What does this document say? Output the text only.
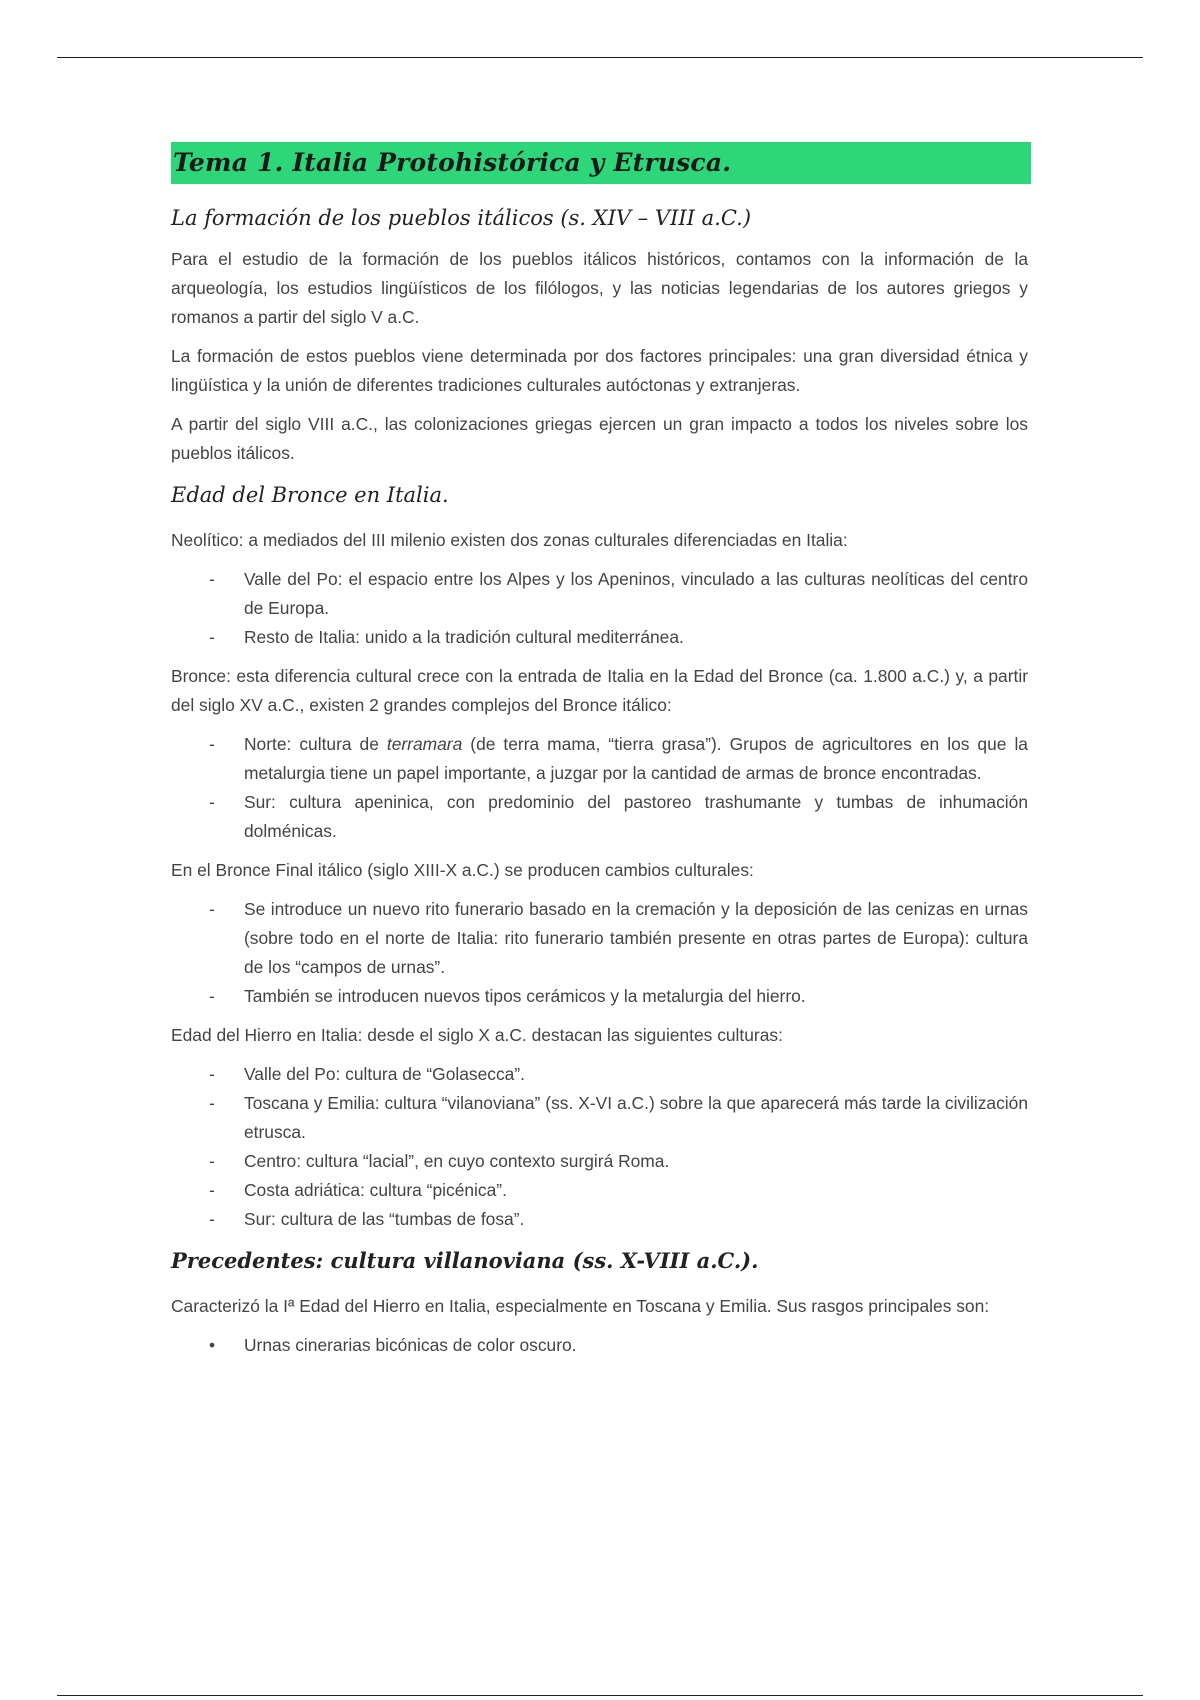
Tema 1. Italia Protohistórica y Etrusca.
La formación de los pueblos itálicos (s. XIV – VIII a.C.)

Para el estudio de la formación de los pueblos itálicos históricos, contamos con la información de la arqueología, los estudios lingüísticos de los filólogos, y las noticias legendarias de los autores griegos y romanos a partir del siglo V a.C.

La formación de estos pueblos viene determinada por dos factores principales: una gran diversidad étnica y lingüística y la unión de diferentes tradiciones culturales autóctonas y extranjeras.

A partir del siglo VIII a.C., las colonizaciones griegas ejercen un gran impacto a todos los niveles sobre los pueblos itálicos.

Edad del Bronce en Italia.

Neolítico: a mediados del III milenio existen dos zonas culturales diferenciadas en Italia:

- Valle del Po: el espacio entre los Alpes y los Apeninos, vinculado a las culturas neolíticas del centro de Europa.
- Resto de Italia: unido a la tradición cultural mediterránea.

Bronce: esta diferencia cultural crece con la entrada de Italia en la Edad del Bronce (ca. 1.800 a.C.) y, a partir del siglo XV a.C., existen 2 grandes complejos del Bronce itálico:

- Norte: cultura de terramara (de terra mama, “tierra grasa”). Grupos de agricultores en los que la metalurgia tiene un papel importante, a juzgar por la cantidad de armas de bronce encontradas.
- Sur: cultura apeninica, con predominio del pastoreo trashumante y tumbas de inhumación dolménicas.

En el Bronce Final itálico (siglo XIII-X a.C.) se producen cambios culturales:

- Se introduce un nuevo rito funerario basado en la cremación y la deposición de las cenizas en urnas (sobre todo en el norte de Italia: rito funerario también presente en otras partes de Europa): cultura de los “campos de urnas”.
- También se introducen nuevos tipos cerámicos y la metalurgia del hierro.

Edad del Hierro en Italia: desde el siglo X a.C. destacan las siguientes culturas:

- Valle del Po: cultura de “Golasecca”.
- Toscana y Emilia: cultura “vilanoviana” (ss. X-VI a.C.) sobre la que aparecerá más tarde la civilización etrusca.
- Centro: cultura “lacial”, en cuyo contexto surgirá Roma.
- Costa adriática: cultura “picénica”.
- Sur: cultura de las “tumbas de fosa”.
Precedentes: cultura villanoviana (ss. X-VIII a.C.).

Caracterizó la Iª Edad del Hierro en Italia, especialmente en Toscana y Emilia. Sus rasgos principales son:

• Urnas cinerarias bicónicas de color oscuro.
